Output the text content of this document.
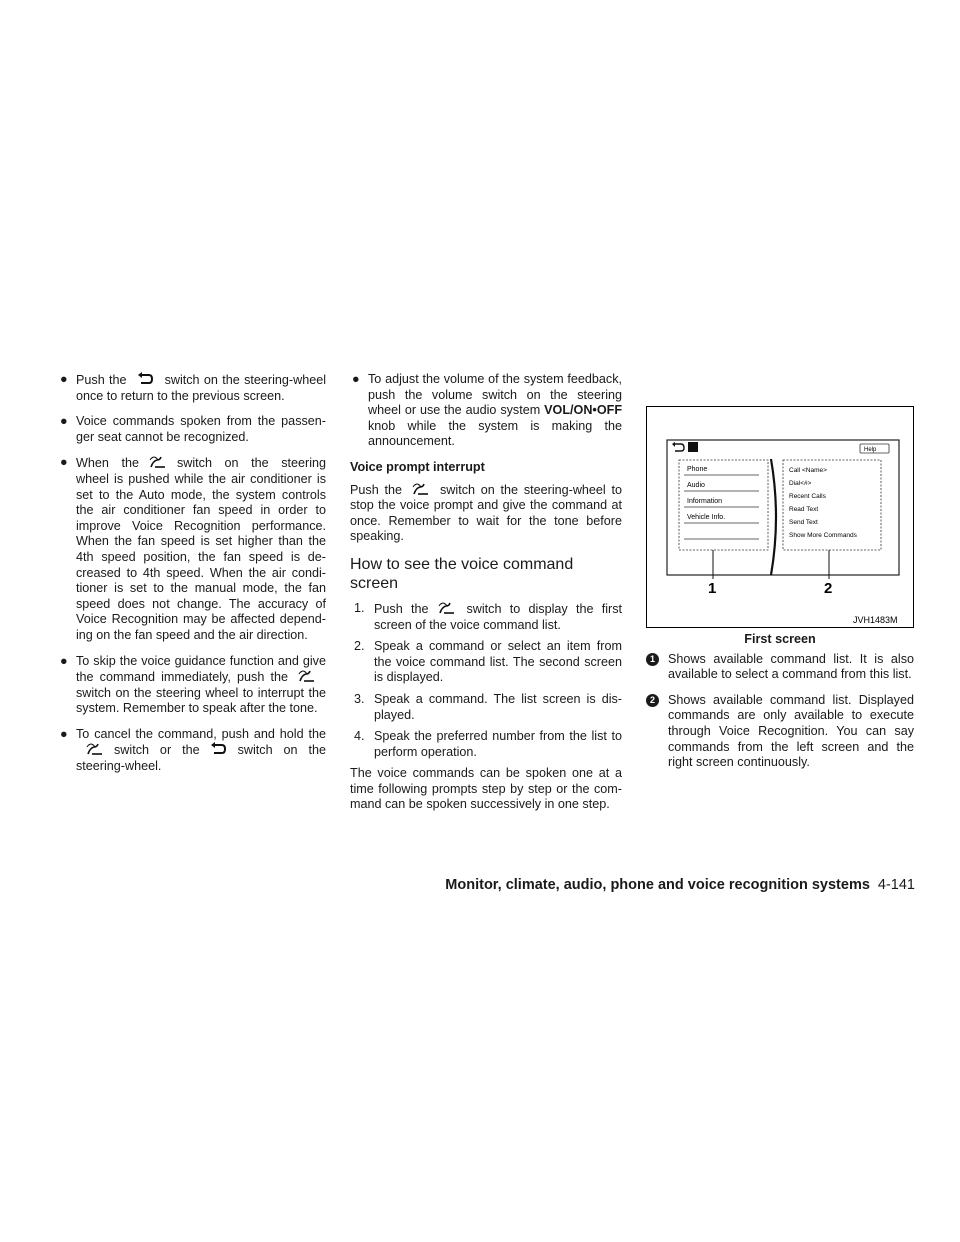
● Push the	switch on the steering-wheel once to return to the previous screen.
● Voice commands spoken from the passen-ger seat cannot be recognized.
● When the	switch on the steering wheel is pushed while the air conditioner is set to the Auto mode, the system controls the air conditioner fan speed in order to improve Voice Recognition performance. When the fan speed is set higher than the 4th speed position, the fan speed is de-creased to 4th speed. When the air condi-tioner is set to the manual mode, the fan speed does not change. The accuracy of Voice Recognition may be affected depend-ing on the fan speed and the air direction.
● To skip the voice guidance function and give the command immediately, push the
switch on the steering wheel to interrupt the system. Remember to speak after the tone.
● To cancel the command, push and hold the
switch or the	switch on the steering-wheel.
● To adjust the volume of the system feedback, push the volume switch on the steering wheel or use the audio system VOL/ON•OFF knob while the system is making the announcement.
Voice prompt interrupt
Push the	switch on the steering-wheel to stop the voice prompt and give the command at once. Remember to wait for the tone before speaking.
How to see the voice command screen
1. Push the	switch to display the first screen of the voice command list.
2. Speak a command or select an item from the voice command list. The second screen is displayed.
3. Speak a command. The list screen is dis-played.
4. Speak the preferred number from the list to perform operation.
The voice commands can be spoken one at a time following prompts step by step or the com-mand can be spoken successively in one step.
Help
Phone
Audio
Information
Vehicle Info.
Call <Name>
Dial<#>
Recent Calls
Read Text
Send Text
Show More Commands
1	2
JVH1483M
First screen
1	Shows available command list. It is also available to select a command from this list.
2	Shows available command list. Displayed commands are only available to execute through Voice Recognition. You can say commands from the left screen and the right screen continuously.
Monitor, climate, audio, phone and voice recognition systems 4-141
